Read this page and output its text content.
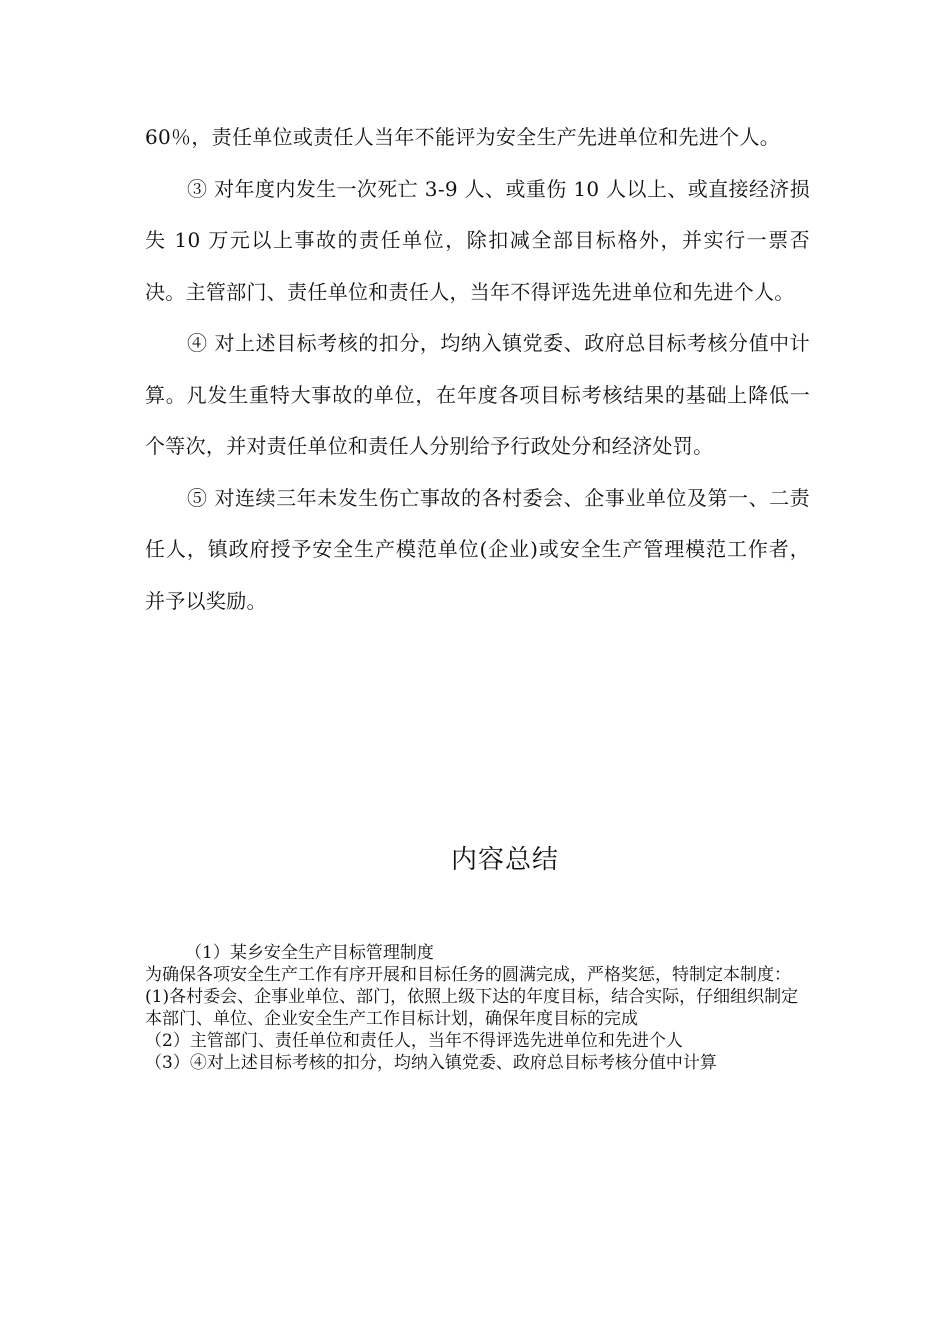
60％，责任单位或责任人当年不能评为安全生产先进单位和先进个人。

③ 对年度内发生一次死亡 3-9 人、或重伤 10 人以上、或直接经济损失 10 万元以上事故的责任单位，除扣减全部目标格外，并实行一票否决。主管部门、责任单位和责任人，当年不得评选先进单位和先进个人。

④ 对上述目标考核的扣分，均纳入镇党委、政府总目标考核分值中计算。凡发生重特大事故的单位，在年度各项目标考核结果的基础上降低一个等次，并对责任单位和责任人分别给予行政处分和经济处罚。

⑤ 对连续三年未发生伤亡事故的各村委会、企事业单位及第一、二责任人，镇政府授予安全生产模范单位(企业)或安全生产管理模范工作者，并予以奖励。

内容总结

（1）某乡安全生产目标管理制度

为确保各项安全生产工作有序开展和目标任务的圆满完成，严格奖惩，特制定本制度：

(1)各村委会、企事业单位、部门，依照上级下达的年度目标，结合实际，仔细组织制定本部门、单位、企业安全生产工作目标计划，确保年度目标的完成

（2）主管部门、责任单位和责任人，当年不得评选先进单位和先进个人

（3）④对上述目标考核的扣分，均纳入镇党委、政府总目标考核分值中计算
